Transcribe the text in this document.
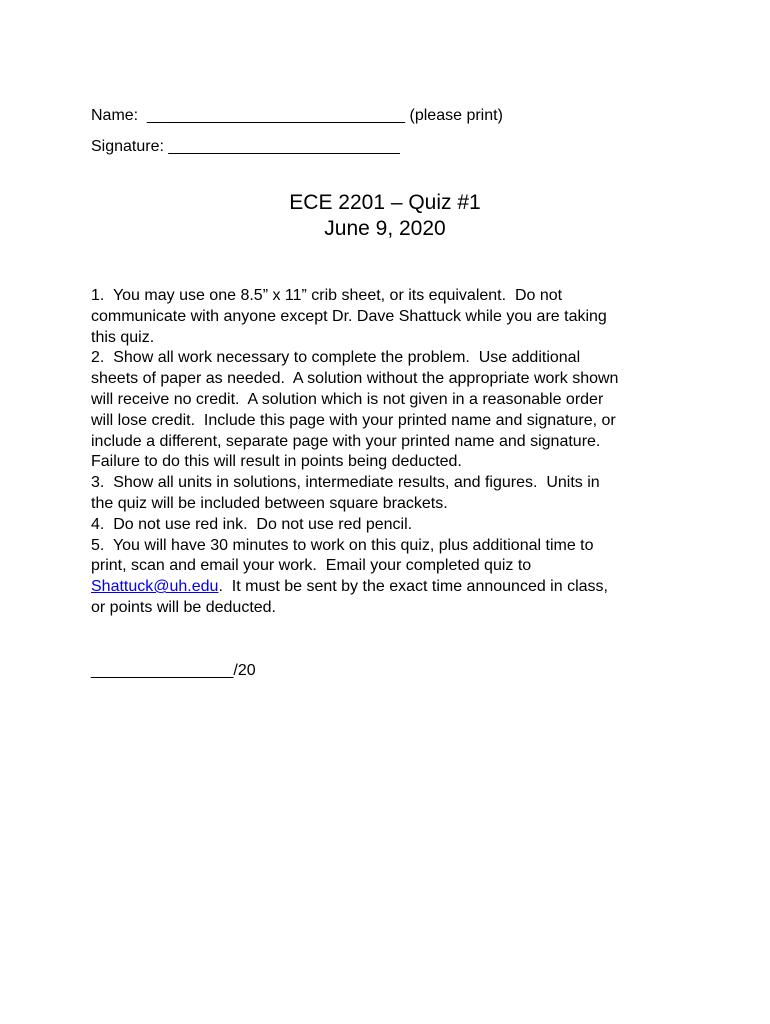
Name:  _____________________________ (please print)
Signature: __________________________
ECE 2201 – Quiz #1
June 9, 2020
1.  You may use one 8.5” x 11” crib sheet, or its equivalent.  Do not
communicate with anyone except Dr. Dave Shattuck while you are taking
this quiz.
2.  Show all work necessary to complete the problem.  Use additional
sheets of paper as needed.  A solution without the appropriate work shown
will receive no credit.  A solution which is not given in a reasonable order
will lose credit.  Include this page with your printed name and signature, or
include a different, separate page with your printed name and signature.
Failure to do this will result in points being deducted.
3.  Show all units in solutions, intermediate results, and figures.  Units in
the quiz will be included between square brackets.
4.  Do not use red ink.  Do not use red pencil.
5.  You will have 30 minutes to work on this quiz, plus additional time to
print, scan and email your work.  Email your completed quiz to
Shattuck@uh.edu.  It must be sent by the exact time announced in class,
or points will be deducted.
________________/20
